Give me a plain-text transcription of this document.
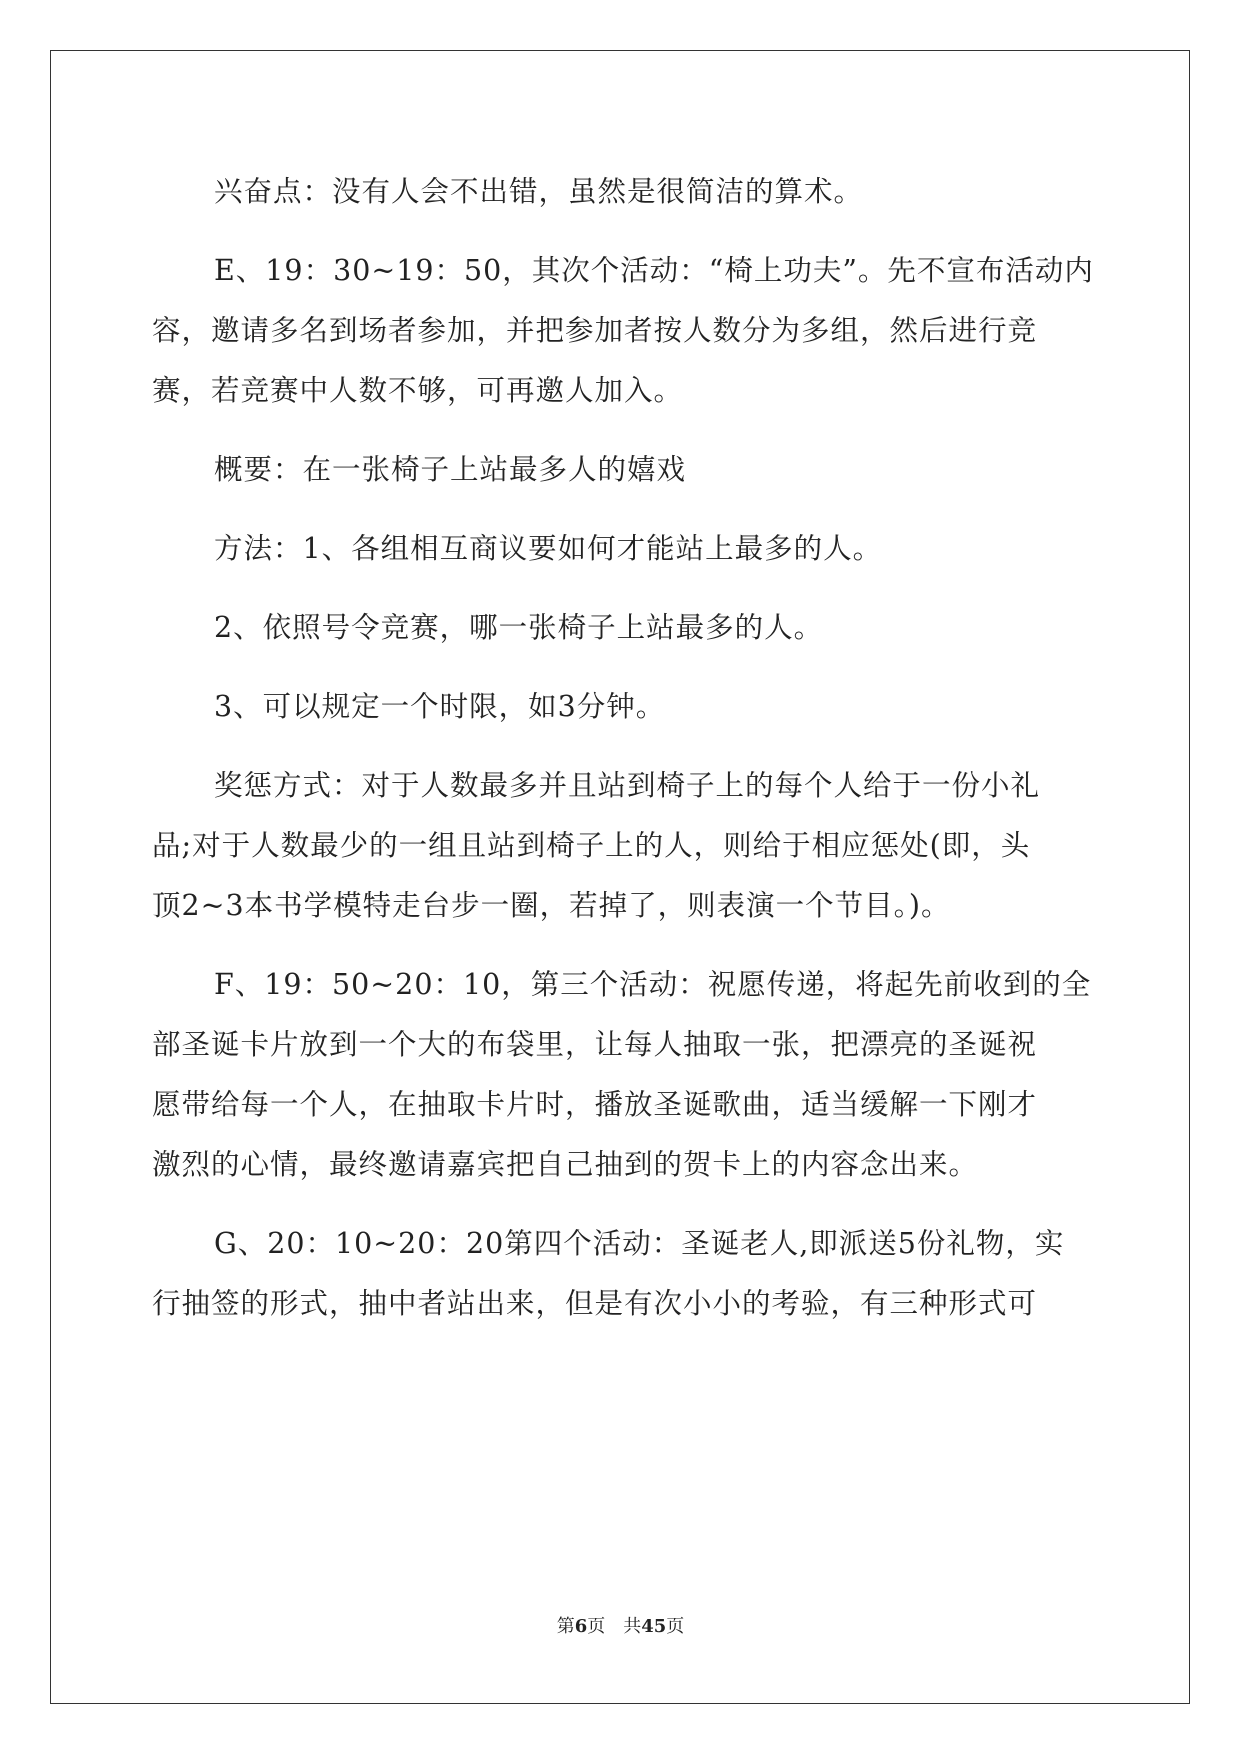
兴奋点：没有人会不出错，虽然是很简洁的算术。
E、19：30~19：50，其次个活动：“椅上功夫”。先不宣布活动内
容，邀请多名到场者参加，并把参加者按人数分为多组，然后进行竞
赛，若竞赛中人数不够，可再邀人加入。
概要：在一张椅子上站最多人的嬉戏
方法：1、各组相互商议要如何才能站上最多的人。
2、依照号令竞赛，哪一张椅子上站最多的人。
3、可以规定一个时限，如3分钟。
奖惩方式：对于人数最多并且站到椅子上的每个人给于一份小礼
品;对于人数最少的一组且站到椅子上的人，则给于相应惩处(即，头
顶2~3本书学模特走台步一圈，若掉了，则表演一个节目。)。
F、19：50~20：10，第三个活动：祝愿传递，将起先前收到的全
部圣诞卡片放到一个大的布袋里，让每人抽取一张，把漂亮的圣诞祝
愿带给每一个人，在抽取卡片时，播放圣诞歌曲，适当缓解一下刚才
激烈的心情，最终邀请嘉宾把自己抽到的贺卡上的内容念出来。
G、20：10~20：20第四个活动：圣诞老人,即派送5份礼物，实
行抽签的形式，抽中者站出来，但是有次小小的考验，有三种形式可
第6页　共45页
